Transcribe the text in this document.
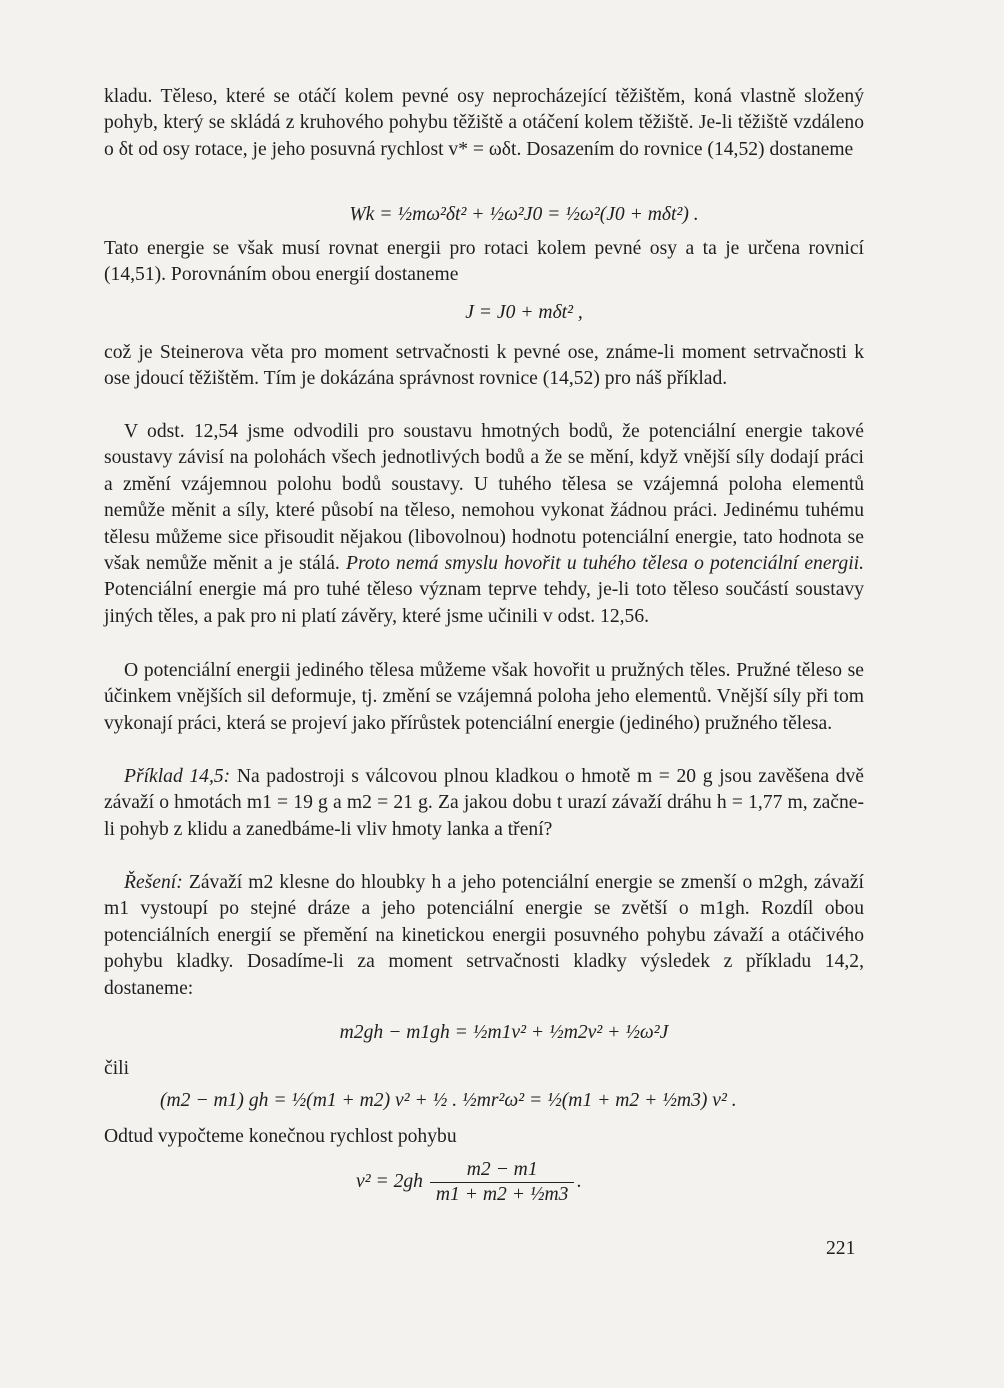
kladu. Těleso, které se otáčí kolem pevné osy neprocházející těžištěm, koná vlastně složený pohyb, který se skládá z kruhového pohybu těžiště a otáčení kolem těžiště. Je-li těžiště vzdáleno o δt od osy rotace, je jeho posuvná rychlost v* = ωδt. Dosazením do rovnice (14,52) dostaneme

Wk = ½mω²δt² + ½ω²J0 = ½ω²(J0 + mδt²) .

Tato energie se však musí rovnat energii pro rotaci kolem pevné osy a ta je určena rovnicí (14,51). Porovnáním obou energií dostaneme

J = J0 + mδt² ,

což je Steinerova věta pro moment setrvačnosti k pevné ose, známe-li moment setrvačnosti k ose jdoucí těžištěm. Tím je dokázána správnost rovnice (14,52) pro náš příklad.

V odst. 12,54 jsme odvodili pro soustavu hmotných bodů, že potenciální energie takové soustavy závisí na polohách všech jednotlivých bodů a že se mění, když vnější síly dodají práci a změní vzájemnou polohu bodů soustavy. U tuhého tělesa se vzájemná poloha elementů nemůže měnit a síly, které působí na těleso, nemohou vykonat žádnou práci. Jedinému tuhému tělesu můžeme sice přisoudit nějakou (libovolnou) hodnotu potenciální energie, tato hodnota se však nemůže měnit a je stálá. Proto nemá smyslu hovořit u tuhého tělesa o potenciální energii. Potenciální energie má pro tuhé těleso význam teprve tehdy, je-li toto těleso součástí soustavy jiných těles, a pak pro ni platí závěry, které jsme učinili v odst. 12,56.

O potenciální energii jediného tělesa můžeme však hovořit u pružných těles. Pružné těleso se účinkem vnějších sil deformuje, tj. změní se vzájemná poloha jeho elementů. Vnější síly při tom vykonají práci, která se projeví jako přírůstek potenciální energie (jediného) pružného tělesa.

Příklad 14,5: Na padostroji s válcovou plnou kladkou o hmotě m = 20 g jsou zavěšena dvě závaží o hmotách m1 = 19 g a m2 = 21 g. Za jakou dobu t urazí závaží dráhu h = 1,77 m, začne-li pohyb z klidu a zanedbáme-li vliv hmoty lanka a tření?

Řešení: Závaží m2 klesne do hloubky h a jeho potenciální energie se zmenší o m2gh, závaží m1 vystoupí po stejné dráze a jeho potenciální energie se zvětší o m1gh. Rozdíl obou potenciálních energií se přemění na kinetickou energii posuvného pohybu závaží a otáčivého pohybu kladky. Dosadíme-li za moment setrvačnosti kladky výsledek z příkladu 14,2, dostaneme:

m2gh − m1gh = ½m1v² + ½m2v² + ½ω²J
čili
(m2 − m1) gh = ½(m1 + m2) v² + ½ . ½mr²ω² = ½(m1 + m2 + ½m3) v² .

Odtud vypočteme konečnou rychlost pohybu

$v^2 = 2gh \frac{m2 - m1}{\text{m1 + m2 + ½m3}}$ .
221
